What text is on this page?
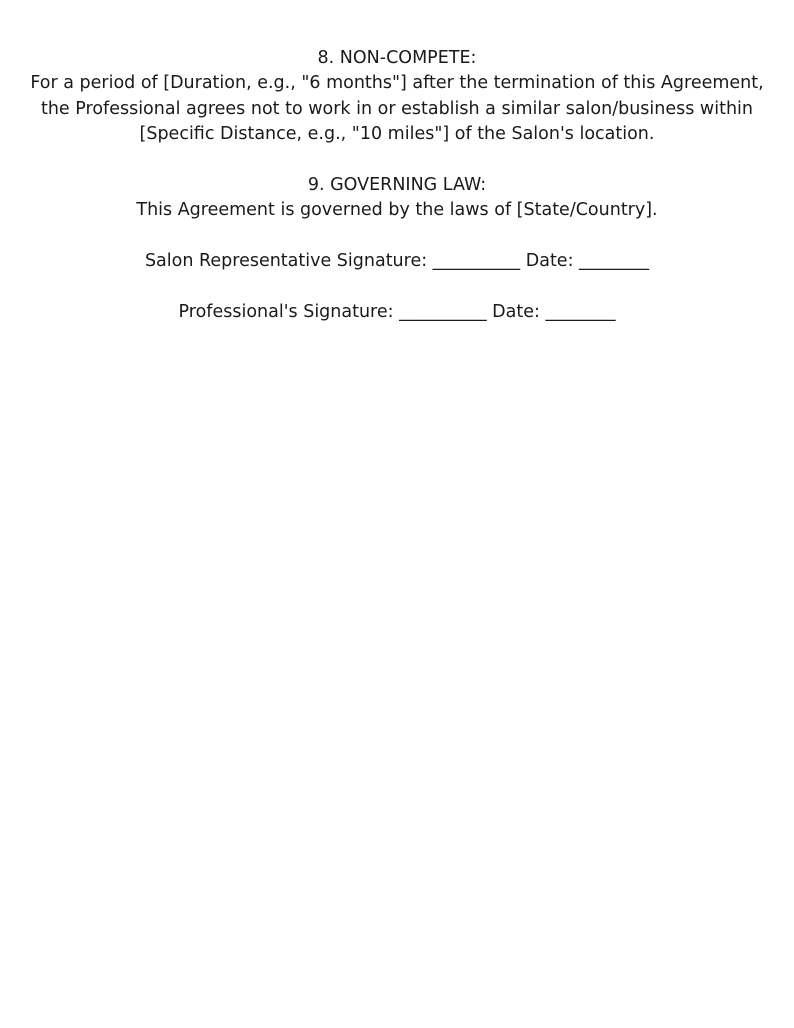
8. NON-COMPETE:
For a period of [Duration, e.g., "6 months"] after the termination of this Agreement,
the Professional agrees not to work in or establish a similar salon/business within
[Specific Distance, e.g., "10 miles"] of the Salon's location.
9. GOVERNING LAW:
This Agreement is governed by the laws of [State/Country].
Salon Representative Signature: __________ Date: ________
Professional's Signature: __________ Date: ________
